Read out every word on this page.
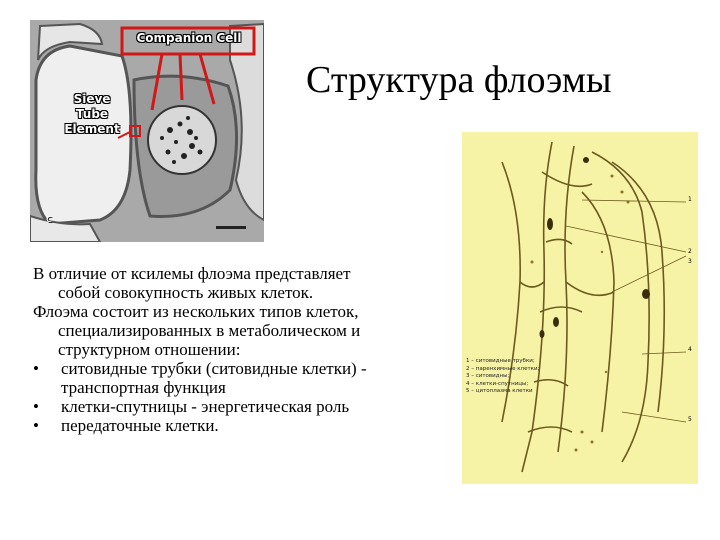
Companion Cell
Sieve
Tube
Element
c
Структура флоэмы

В отличие от ксилемы флоэма представляет
собой совокупность живых клеток.

Флоэма состоит из нескольких типов клеток,
специализированных в метаболическом и
структурном отношении:

• ситовидные трубки (ситовидные клетки) -
транспортная функция
• клетки-спутницы - энергетическая роль
• передаточные клетки.
1 – ситовидные трубки;
2 – паренхимные клетки;
3 – ситовидны;
4 – клетки-спутницы;
5 – цитоплазма клетки
1
2
3
4
5
